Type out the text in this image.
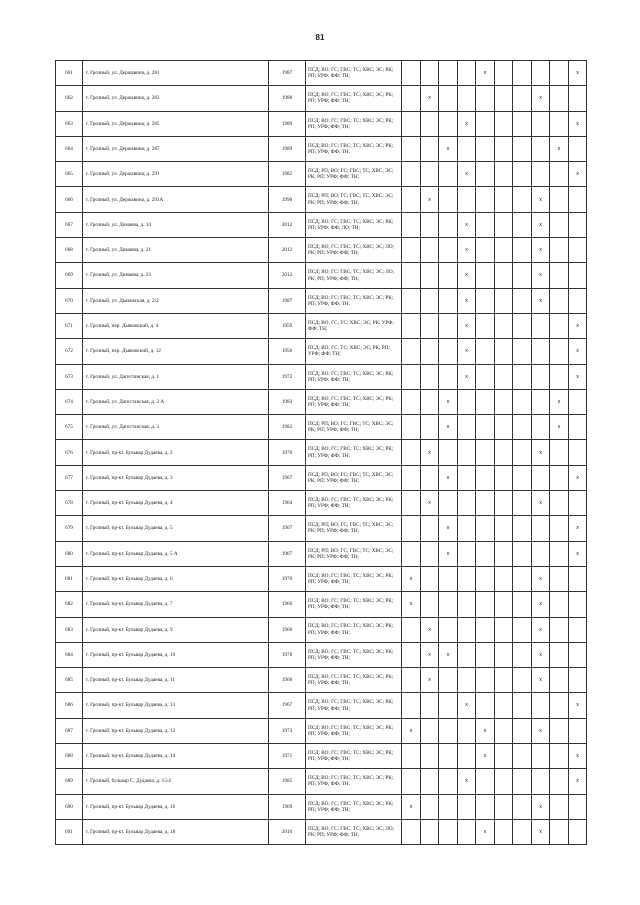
81
661	г. Грозный, ул. Державина, д. 281	1987	ПСД; ВО; ГС; ГВС; ТС; ХВС; ЭС; РК; РП; УРФ; ФФ; ТН;					x					x
662	г. Грозный, ул. Державина, д. 283	1988	ПСД; ВО; ГС; ГВС; ТС; ХВС; ЭС; РК; РП; УРФ; ФФ; ТН;		x						x		
663	г. Грозный, ул. Державина, д. 285	1989	ПСД; ВО; ГС; ГВС; ТС; ХВС; ЭС; РК; РП; УРФ; ФФ; ТН;				x						x
664	г. Грозный, ул. Державина, д. 287	1989	ПСД; ВО; ГС; ГВС; ТС; ХВС; ЭС; РК; РП; УРФ; ФФ; ТН;			x						x	
665	г. Грозный, ул. Державина, д. 291	1982	ПСД; РП; ВО; ГС; ГВС; ТС; ХВС; ЭС; РК; РП; УРФ; ФФ; ТН;				x						x
666	г. Грозный, ул. Державина, д. 291А	1990	ПСД; РП; ВО; ГС; ГВС; ТС; ХВС; ЭС; РК; РП; УРФ; ФФ; ТН;		x						x		
667	г. Грозный, ул. Димаева, д. 14	2012	ПСД; ВО; ГС; ГВС; ТС; ХВС; ЭС; РК; РП; УРФ; ФФ; ЛО; ТН;				x				x		
668	г. Грозный, ул. Димаева, д. 21	2012	ПСД; ВО; ГС; ГВС; ТС; ХВС; ЭС; ЛО; РК; РП; УРФ; ФФ; ТН;				x				x		
669	г. Грозный, ул. Димаева, д. 23	2012	ПСД; ВО; ГС; ГВС; ТС; ХВС; ЭС; ЛО; РК; РП; УРФ; ФФ; ТН;				x				x		
670	г. Грозный, ул. Дьяковская, д. 2/2	1987	ПСД; ВО; ГС; ГВС; ТС; ХВС; ЭС; РК; РП; УРФ; ФФ; ТН;				x				x		
671	г. Грозный, пер. Дьяковский, д. 4	1959	ПСД; ВО; ГС; ТС; ХВС; ЭС; РК; УРФ; ФФ; ТН;				x						x
672	г. Грозный, пер. Дьяковский, д. 12	1956	ПСД; ВО; ГС; ТС; ХВС; ЭС; РК; РП; УРФ; ФФ; ТН;				x						x
673	г. Грозный, ул. Дагестанская, д. 1	1972	ПСД; ВО; ГС; ГВС; ТС; ХВС; ЭС; РК; РП; УРФ; ФФ; ТН;				x						x
674	г. Грозный, ул. Дагестанская, д. 2 А	1983	ПСД; ВО; ГС; ГВС; ТС; ХВС; ЭС; РК; РП; УРФ; ФФ; ТН;			x						x	
675	г. Грозный, ул. Дагестанская, д. 3	1982	ПСД; РП; ВО; ГС; ГВС; ТС; ХВС; ЭС; РК; РП; УРФ; ФФ; ТН;			x						x	
676	г. Грозный, пр-кт. Бульвар Дудаева, д. 2	1970	ПСД; ВО; ГС; ГВС; ТС; ХВС; ЭС; РК; РП; УРФ; ФФ; ТН;		x						x		
677	г. Грозный, пр-кт. Бульвар Дудаева, д. 3	1967	ПСД; РП; ВО; ГС; ГВС; ТС; ХВС; ЭС; РК; РП; УРФ; ФФ; ТН;			x							x
678	г. Грозный, пр-кт. Бульвар Дудаева, д. 4	1964	ПСД; ВО; ГС; ГВС; ТС; ХВС; ЭС; РК; РП; УРФ; ФФ; ТН;		x						x		
679	г. Грозный, пр-кт. Бульвар Дудаева, д. 5	1967	ПСД; РП; ВО; ГС; ГВС; ТС; ХВС; ЭС; РК; РП; УРФ; ФФ; ТН;			x							x
680	г. Грозный, пр-кт. Бульвар Дудаева, д. 5 А	1967	ПСД; РП; ВО; ГС; ГВС; ТС; ХВС; ЭС; РК; РП; УРФ; ФФ; ТН;			x							x
681	г. Грозный, пр-кт. Бульвар Дудаева, д. 6	1970	ПСД; ВО; ГС; ГВС; ТС; ХВС; ЭС; РК; РП; УРФ; ФФ; ТН;	x							x		
682	г. Грозный, пр-кт. Бульвар Дудаева, д. 7	1966	ПСД; ВО; ГС; ГВС; ТС; ХВС; ЭС; РК; РП; УРФ; ФФ; ТН;	x							x		
683	г. Грозный, пр-кт. Бульвар Дудаева, д. 9	1966	ПСД; ВО; ГС; ГВС; ТС; ХВС; ЭС; РК; РП; УРФ; ФФ; ТН;		x						x		
684	г. Грозный, пр-кт. Бульвар Дудаева, д. 10	1978	ПСД; ВО; ГС; ГВС; ТС; ХВС; ЭС; РК; РП; УРФ; ФФ; ТН;		x	x					x		
685	г. Грозный, пр-кт. Бульвар Дудаева, д. 11	1966	ПСД; ВО; ГС; ГВС; ТС; ХВС; ЭС; РК; РП; УРФ; ФФ; ТН;		x						x		
686	г. Грозный, пр-кт. Бульвар Дудаева, д. 13	1967	ПСД; ВО; ГС; ГВС; ТС; ХВС; ЭС; РК; РП; УРФ; ФФ; ТН;				x						x
687	г. Грозный, пр-кт. Бульвар Дудаева, д. 12	1973	ПСД; ВО; ГС; ГВС; ТС; ХВС; ЭС; РК; РП; УРФ; ФФ; ТН;	x				x			x		
688	г. Грозный, пр-кт. Бульвар Дудаева, д. 14	1971	ПСД; ВО; ГС; ГВС; ТС; ХВС; ЭС; РК; РП; УРФ; ФФ; ТН;					x					x
689	г. Грозный, бульвар С. Дудаева, д. 15/4	1985	ПСД; ВО; ГС; ГВС; ТС; ХВС; ЭС; РК; РП; УРФ; ФФ; ТН;				x						x
690	г. Грозный, пр-кт. Бульвар Дудаева, д. 16	1969	ПСД; ВО; ГС; ГВС; ТС; ХВС; ЭС; РК; РП; УРФ; ФФ; ТН;	x							x		
691	г. Грозный, пр-кт. Бульвар Дудаева, д. 18	2010	ПСД; ВО; ГС; ГВС; ТС; ХВС; ЭС; ЛО; РК; РП; УРФ; ФФ; ТН;					x			x		
